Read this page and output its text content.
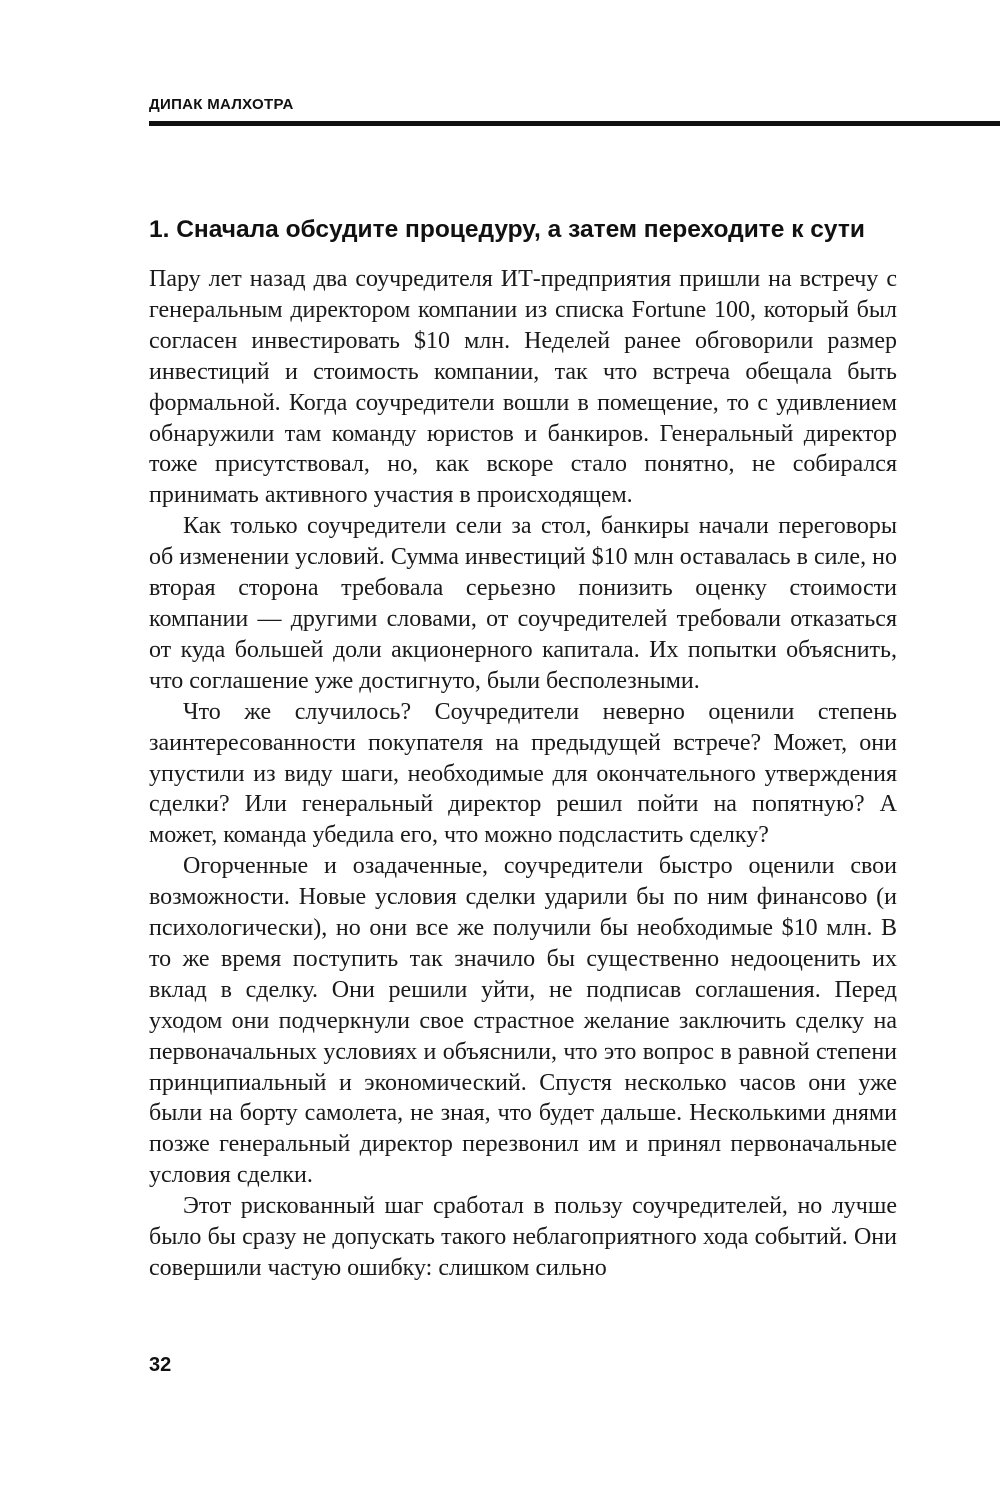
ДИПАК МАЛХОТРА
1. Сначала обсудите процедуру, а затем переходите к сути

Пару лет назад два соучредителя ИТ-предприятия пришли на встречу с генеральным директором компании из списка Fortune 100, который был согласен инвестировать $10 млн. Неделей ранее обговорили размер инвестиций и стоимость компании, так что встреча обещала быть формальной. Когда соучредители вошли в помещение, то с удивлением обнаружили там команду юристов и банкиров. Генеральный директор тоже присутствовал, но, как вскоре стало понятно, не собирался принимать активного участия в происходящем.

Как только соучредители сели за стол, банкиры начали переговоры об изменении условий. Сумма инвестиций $10 млн оставалась в силе, но вторая сторона требовала серьезно понизить оценку стоимости компании — другими словами, от соучредителей требовали отказаться от куда большей доли акционерного капитала. Их попытки объяснить, что соглашение уже достигнуто, были бесполезными.

Что же случилось? Соучредители неверно оценили степень заинтересованности покупателя на предыдущей встрече? Может, они упустили из виду шаги, необходимые для окончательного утверждения сделки? Или генеральный директор решил пойти на попятную? А может, команда убедила его, что можно подсластить сделку?

Огорченные и озадаченные, соучредители быстро оценили свои возможности. Новые условия сделки ударили бы по ним финансово (и психологически), но они все же получили бы необходимые $10 млн. В то же время поступить так значило бы существенно недооценить их вклад в сделку. Они решили уйти, не подписав соглашения. Перед уходом они подчеркнули свое страстное желание заключить сделку на первоначальных условиях и объяснили, что это вопрос в равной степени принципиальный и экономический. Спустя несколько часов они уже были на борту самолета, не зная, что будет дальше. Несколькими днями позже генеральный директор перезвонил им и принял первоначальные условия сделки.

Этот рискованный шаг сработал в пользу соучредителей, но лучше было бы сразу не допускать такого неблагоприятного хода событий. Они совершили частую ошибку: слишком сильно

32
